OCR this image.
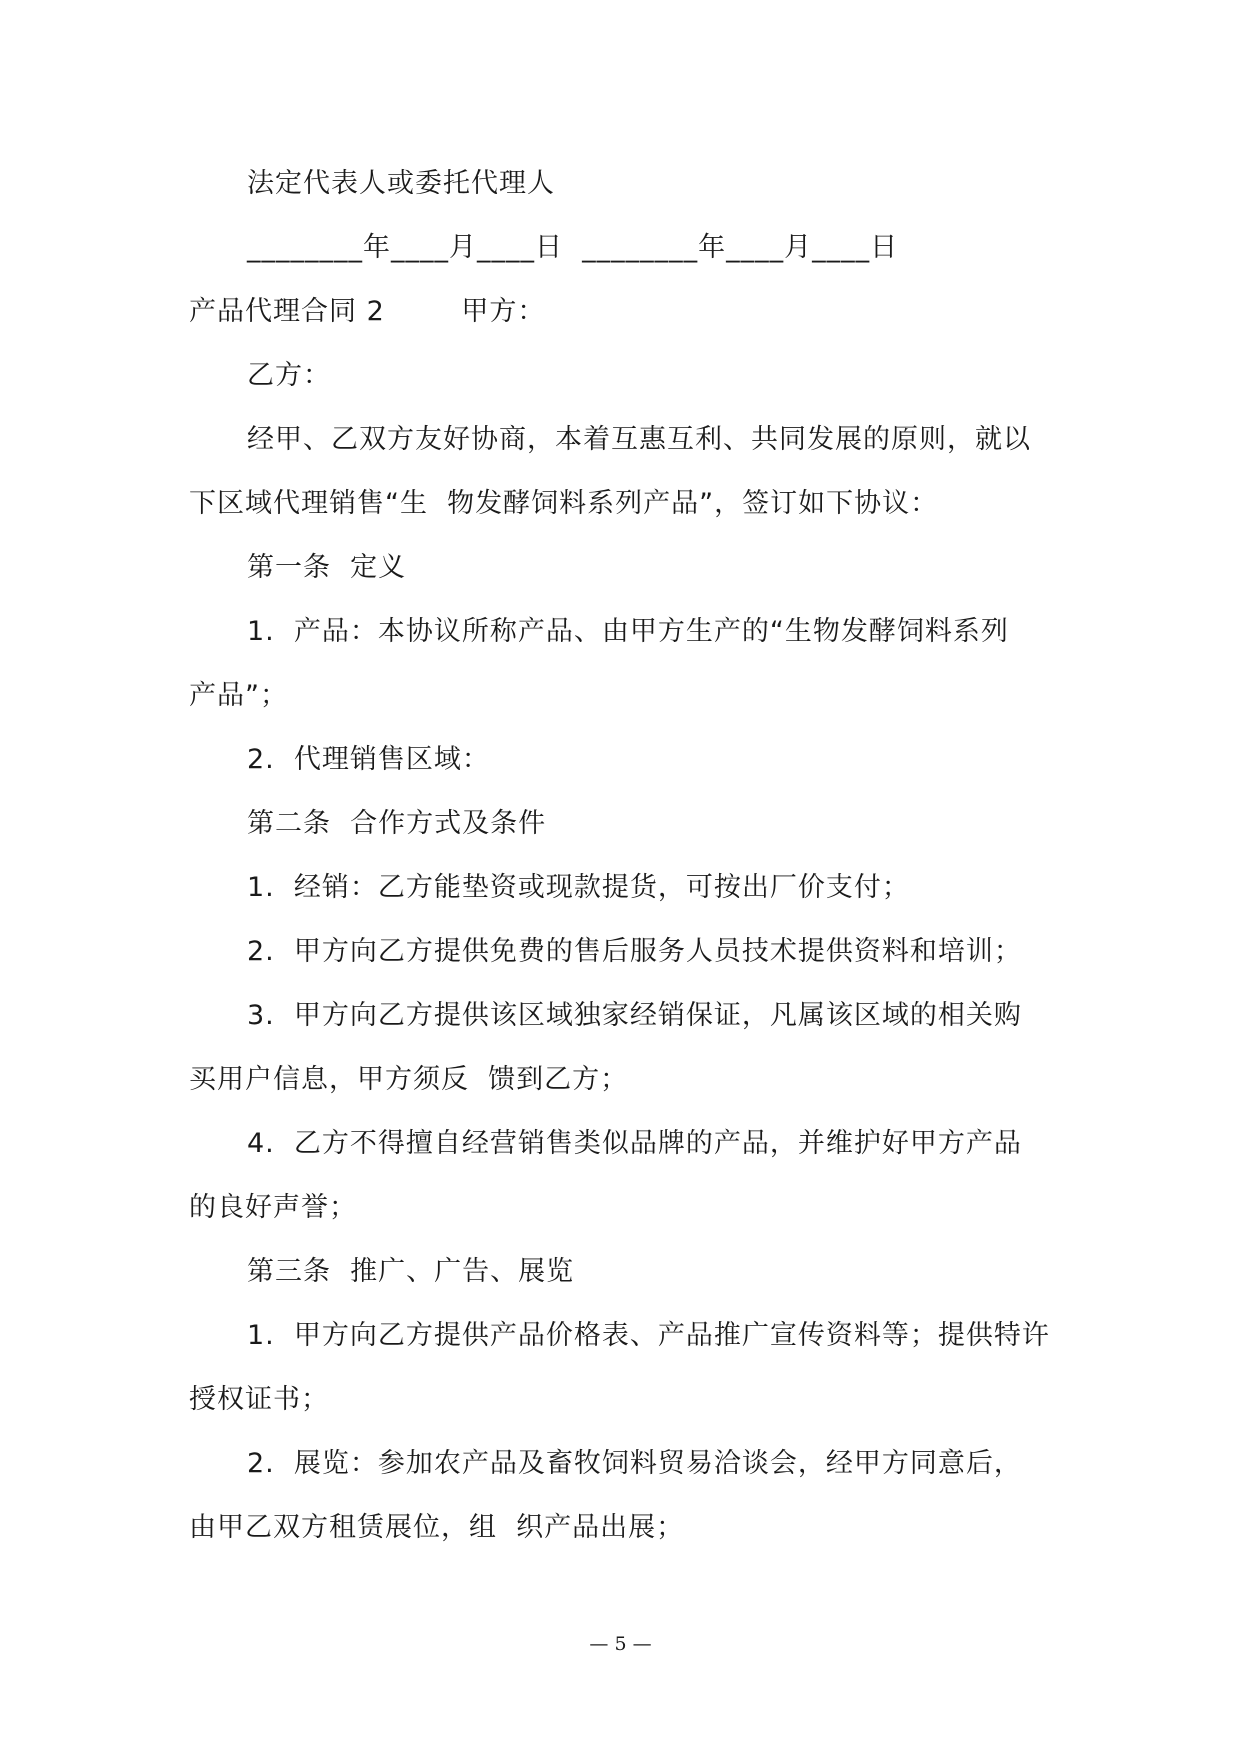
法定代表人或委托代理人
________年____月____日  ________年____月____日
产品代理合同 2        甲方：
乙方：
经甲、乙双方友好协商，本着互惠互利、共同发展的原则，就以
下区域代理销售“生  物发酵饲料系列产品”，签订如下协议：
第一条  定义
1.  产品：本协议所称产品、由甲方生产的“生物发酵饲料系列
产品”；
2.  代理销售区域：
第二条  合作方式及条件
1.  经销：乙方能垫资或现款提货，可按出厂价支付；
2.  甲方向乙方提供免费的售后服务人员技术提供资料和培训；
3.  甲方向乙方提供该区域独家经销保证，凡属该区域的相关购
买用户信息，甲方须反  馈到乙方；
4.  乙方不得擅自经营销售类似品牌的产品，并维护好甲方产品
的良好声誉；
第三条  推广、广告、展览
1.  甲方向乙方提供产品价格表、产品推广宣传资料等；提供特许
授权证书；
2.  展览：参加农产品及畜牧饲料贸易洽谈会，经甲方同意后，
由甲乙双方租赁展位，组  织产品出展；
— 5 —
